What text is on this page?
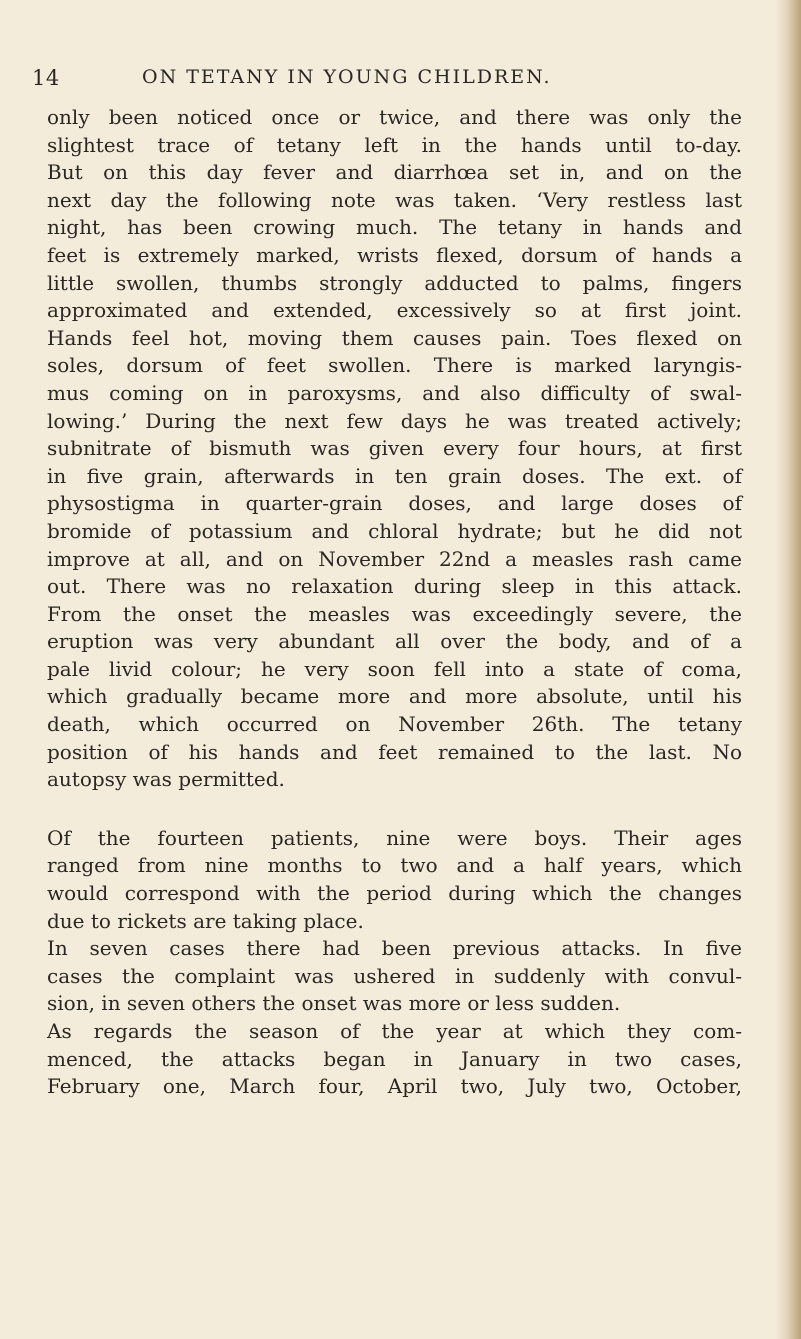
14	ON TETANY IN YOUNG CHILDREN.
only been noticed once or twice, and there was only the
slightest trace of tetany left in the hands until to-day.
But on this day fever and diarrhœa set in, and on the
next day the following note was taken. ‘Very restless last
night, has been crowing much. The tetany in hands and
feet is extremely marked, wrists flexed, dorsum of hands a
little swollen, thumbs strongly adducted to palms, fingers
approximated and extended, excessively so at first joint.
Hands feel hot, moving them causes pain. Toes flexed on
soles, dorsum of feet swollen. There is marked laryngis-
mus coming on in paroxysms, and also difficulty of swal-
lowing.’ During the next few days he was treated actively;
subnitrate of bismuth was given every four hours, at first
in five grain, afterwards in ten grain doses. The ext. of
physostigma in quarter-grain doses, and large doses of
bromide of potassium and chloral hydrate; but he did not
improve at all, and on November 22nd a measles rash came
out. There was no relaxation during sleep in this attack.
From the onset the measles was exceedingly severe, the
eruption was very abundant all over the body, and of a
pale livid colour; he very soon fell into a state of coma,
which gradually became more and more absolute, until his
death, which occurred on November 26th. The tetany
position of his hands and feet remained to the last. No
autopsy was permitted.
Of the fourteen patients, nine were boys. Their ages
ranged from nine months to two and a half years, which
would correspond with the period during which the changes
due to rickets are taking place.
In seven cases there had been previous attacks. In five
cases the complaint was ushered in suddenly with convul-
sion, in seven others the onset was more or less sudden.
As regards the season of the year at which they com-
menced, the attacks began in January in two cases,
February one, March four, April two, July two, October,
